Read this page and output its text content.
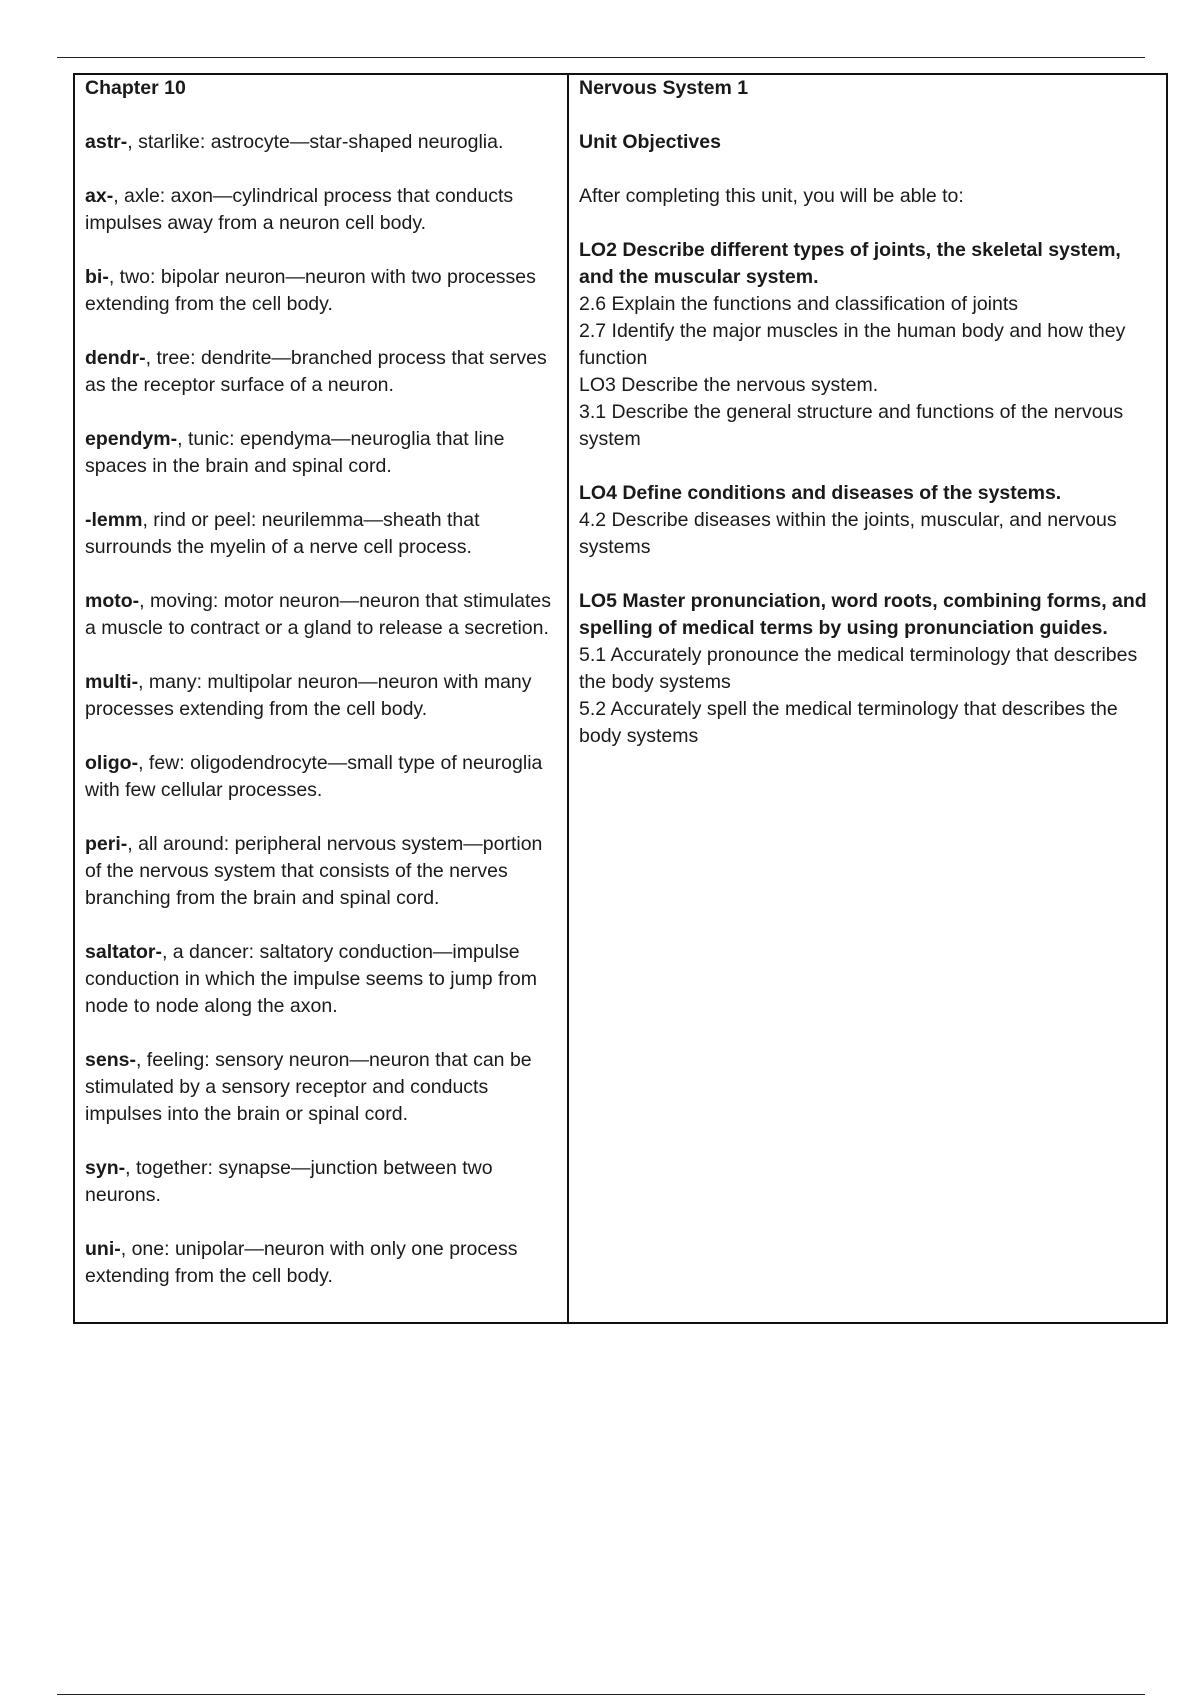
Chapter 10

astr-, starlike: astrocyte—star-shaped neuroglia.

ax-, axle: axon—cylindrical process that conducts impulses away from a neuron cell body.

bi-, two: bipolar neuron—neuron with two processes extending from the cell body.

dendr-, tree: dendrite—branched process that serves as the receptor surface of a neuron.

ependym-, tunic: ependyma—neuroglia that line spaces in the brain and spinal cord.

-lemm, rind or peel: neurilemma—sheath that surrounds the myelin of a nerve cell process.

moto-, moving: motor neuron—neuron that stimulates a muscle to contract or a gland to release a secretion.

multi-, many: multipolar neuron—neuron with many processes extending from the cell body.

oligo-, few: oligodendrocyte—small type of neuroglia with few cellular processes.

peri-, all around: peripheral nervous system—portion of the nervous system that consists of the nerves branching from the brain and spinal cord.

saltator-, a dancer: saltatory conduction—impulse conduction in which the impulse seems to jump from node to node along the axon.

sens-, feeling: sensory neuron—neuron that can be stimulated by a sensory receptor and conducts impulses into the brain or spinal cord.

syn-, together: synapse—junction between two neurons.

uni-, one: unipolar—neuron with only one process extending from the cell body.

Nervous System 1

Unit Objectives

After completing this unit, you will be able to:

LO2 Describe different types of joints, the skeletal system, and the muscular system.
2.6 Explain the functions and classification of joints
2.7 Identify the major muscles in the human body and how they function
LO3 Describe the nervous system.
3.1 Describe the general structure and functions of the nervous system
LO4 Define conditions and diseases of the systems.
4.2 Describe diseases within the joints, muscular, and nervous systems
LO5 Master pronunciation, word roots, combining forms, and spelling of medical terms by using pronunciation guides.
5.1 Accurately pronounce the medical terminology that describes the body systems
5.2 Accurately spell the medical terminology that describes the body systems
